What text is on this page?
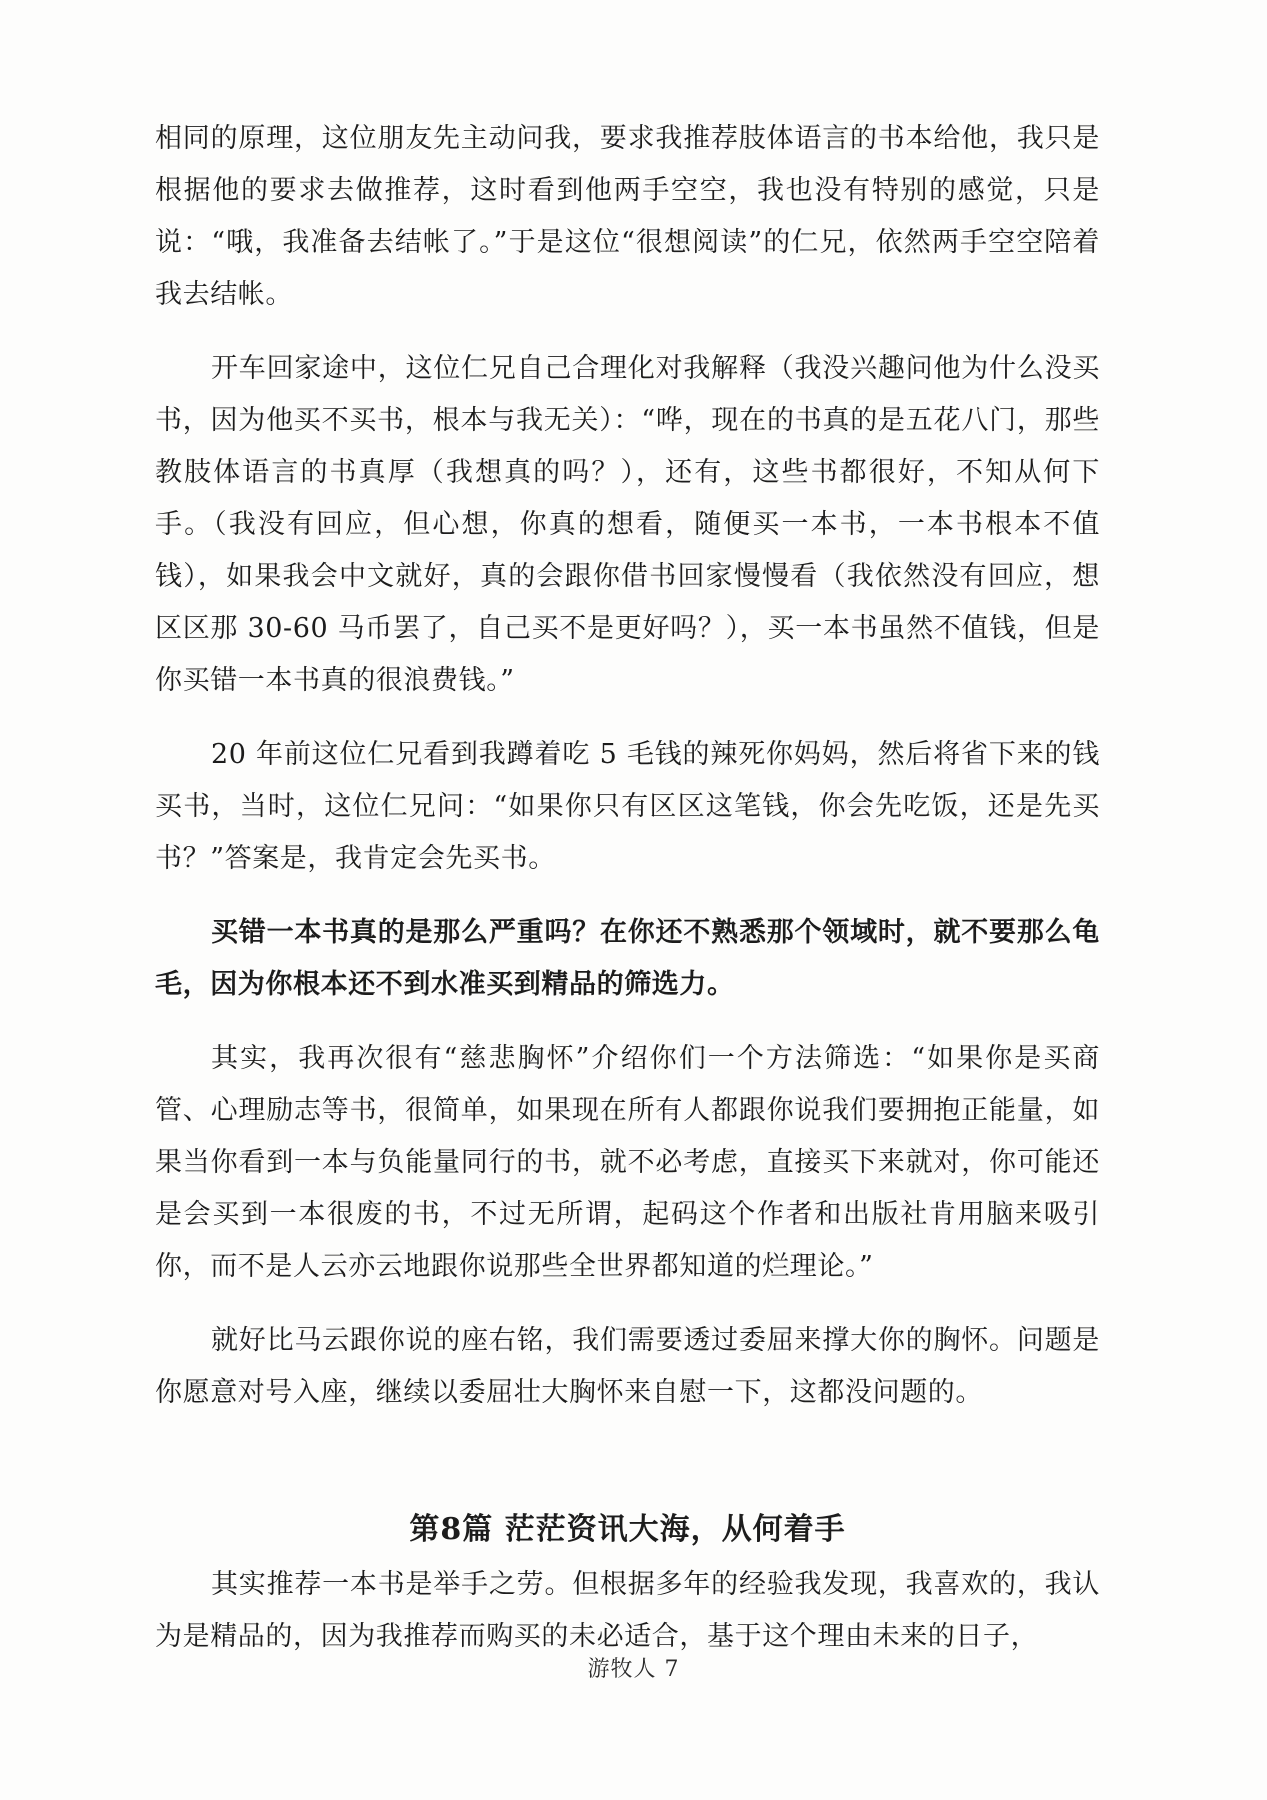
相同的原理，这位朋友先主动问我，要求我推荐肢体语言的书本给他，我只是根据他的要求去做推荐，这时看到他两手空空，我也没有特别的感觉，只是说：“哦，我准备去结帐了。”于是这位“很想阅读”的仁兄，依然两手空空陪着我去结帐。

开车回家途中，这位仁兄自己合理化对我解释（我没兴趣问他为什么没买书，因为他买不买书，根本与我无关）：“哗，现在的书真的是五花八门，那些教肢体语言的书真厚（我想真的吗？），还有，这些书都很好，不知从何下手。（我没有回应，但心想，你真的想看，随便买一本书，一本书根本不值钱），如果我会中文就好，真的会跟你借书回家慢慢看（我依然没有回应，想区区那 30-60 马币罢了，自己买不是更好吗？），买一本书虽然不值钱，但是你买错一本书真的很浪费钱。”

20 年前这位仁兄看到我蹲着吃 5 毛钱的辣死你妈妈，然后将省下来的钱买书，当时，这位仁兄问：“如果你只有区区这笔钱，你会先吃饭，还是先买书？”答案是，我肯定会先买书。

买错一本书真的是那么严重吗？在你还不熟悉那个领域时，就不要那么龟毛，因为你根本还不到水准买到精品的筛选力。

其实，我再次很有“慈悲胸怀”介绍你们一个方法筛选：“如果你是买商管、心理励志等书，很简单，如果现在所有人都跟你说我们要拥抱正能量，如果当你看到一本与负能量同行的书，就不必考虑，直接买下来就对，你可能还是会买到一本很废的书，不过无所谓，起码这个作者和出版社肯用脑来吸引你，而不是人云亦云地跟你说那些全世界都知道的烂理论。”

就好比马云跟你说的座右铭，我们需要透过委屈来撑大你的胸怀。问题是你愿意对号入座，继续以委屈壮大胸怀来自慰一下，这都没问题的。

第8篇 茫茫资讯大海，从何着手

其实推荐一本书是举手之劳。但根据多年的经验我发现，我喜欢的，我认为是精品的，因为我推荐而购买的未必适合，基于这个理由未来的日子，

游牧人 7
